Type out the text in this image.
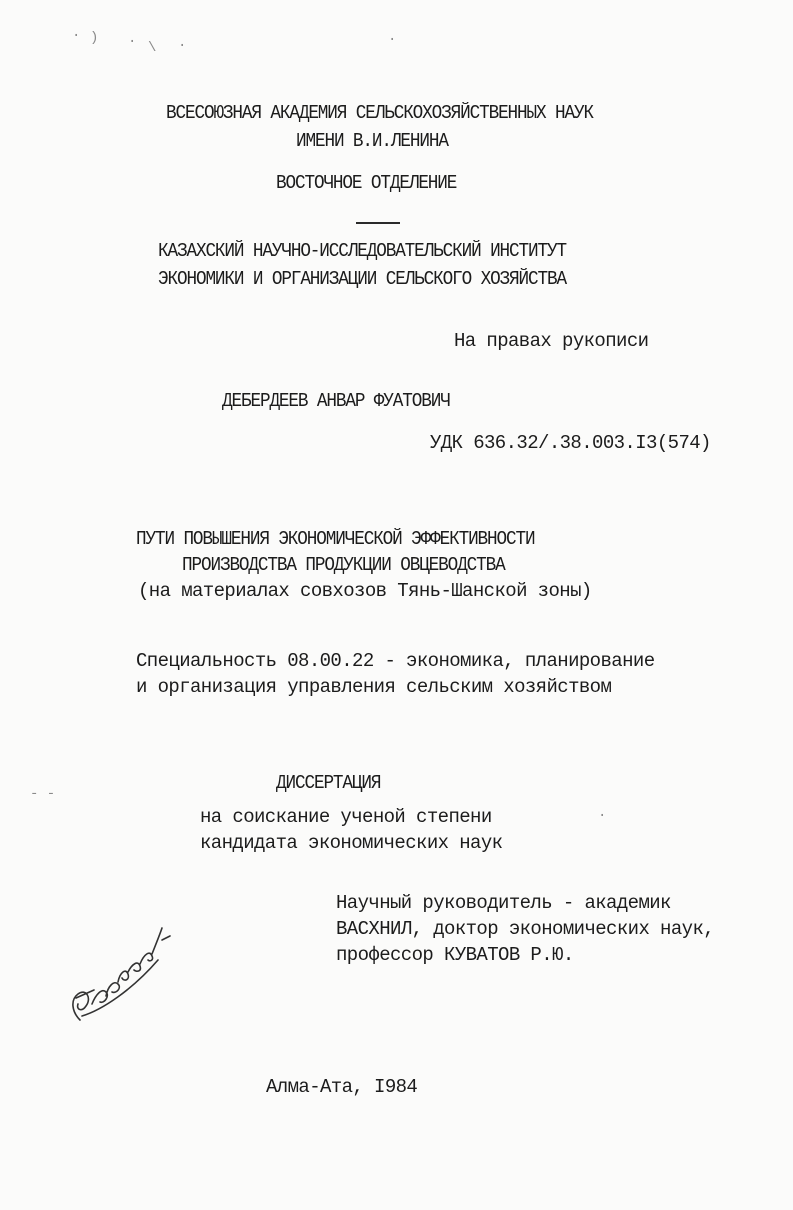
· ) · \ ·	·
- -
·
ВСЕСОЮЗНАЯ АКАДЕМИЯ СЕЛЬСКОХОЗЯЙСТВЕННЫХ НАУК
ИМЕНИ В.И.ЛЕНИНА
ВОСТОЧНОЕ ОТДЕЛЕНИЕ
КАЗАХСКИЙ НАУЧНО-ИССЛЕДОВАТЕЛЬСКИЙ ИНСТИТУТ
ЭКОНОМИКИ И ОРГАНИЗАЦИИ СЕЛЬСКОГО ХОЗЯЙСТВА
На правах рукописи
ДЕБЕРДЕЕВ АНВАР ФУАТОВИЧ
УДК 636.32/.38.003.I3(574)
ПУТИ ПОВЫШЕНИЯ ЭКОНОМИЧЕСКОЙ ЭФФЕКТИВНОСТИ
ПРОИЗВОДСТВА ПРОДУКЦИИ ОВЦЕВОДСТВА
(на материалах совхозов Тянь-Шанской зоны)
Специальность 08.00.22 - экономика, планирование
и организация управления сельским хозяйством
ДИССЕРТАЦИЯ
на соискание ученой степени
кандидата экономических наук
Научный руководитель - академик
ВАСХНИЛ, доктор экономических наук,
профессор КУВАТОВ Р.Ю.
Алма-Ата, I984
